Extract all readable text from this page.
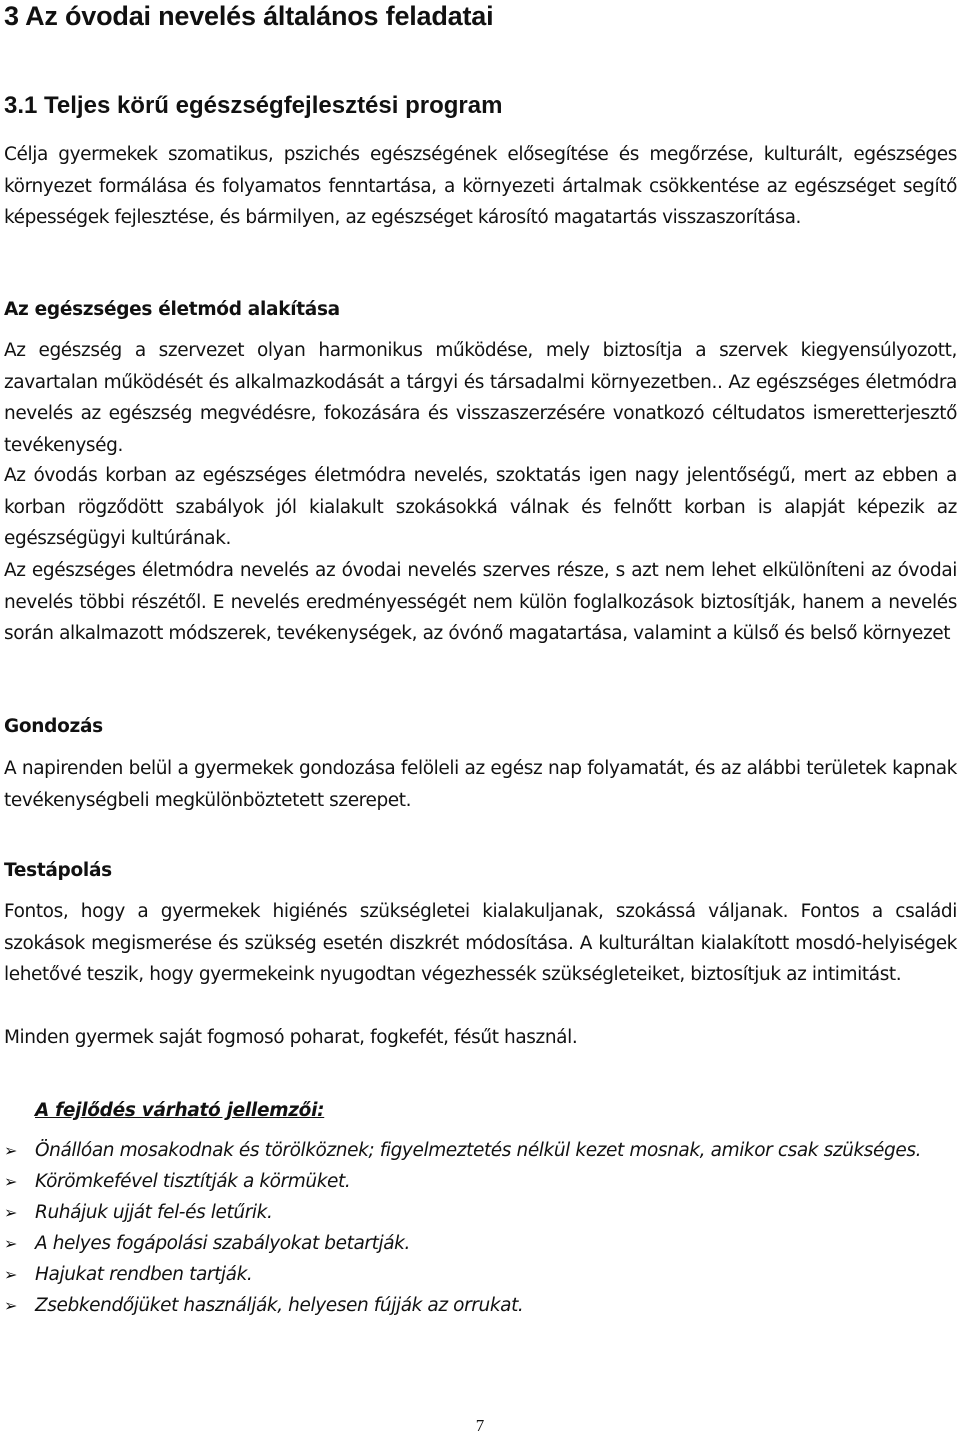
3 Az óvodai nevelés általános feladatai
3.1 Teljes körű egészségfejlesztési program

Célja gyermekek szomatikus, pszichés egészségének elősegítése és megőrzése, kulturált, egészséges környezet formálása és folyamatos fenntartása, a környezeti ártalmak csökkentése az egészséget segítő képességek fejlesztése, és bármilyen, az egészséget károsító magatartás visszaszorítása.

Az egészséges életmód alakítása

Az egészség a szervezet olyan harmonikus működése, mely biztosítja a szervek kiegyensúlyozott, zavartalan működését és alkalmazkodását a tárgyi és társadalmi környezetben.. Az egészséges életmódra nevelés az egészség megvédésre, fokozására és visszaszerzésére vonatkozó céltudatos ismeretterjesztő tevékenység.

Az óvodás korban az egészséges életmódra nevelés, szoktatás igen nagy jelentőségű, mert az ebben a korban rögződött szabályok jól kialakult szokásokká válnak és felnőtt korban is alapját képezik az egészségügyi kultúrának.

Az egészséges életmódra nevelés az óvodai nevelés szerves része, s azt nem lehet elkülöníteni az óvodai nevelés többi részétől. E nevelés eredményességét nem külön foglalkozások biztosítják, hanem a nevelés során alkalmazott módszerek, tevékenységek, az óvónő magatartása, valamint a külső és belső környezet

Gondozás

A napirenden belül a gyermekek gondozása felöleli az egész nap folyamatát, és az alábbi területek kapnak tevékenységbeli megkülönböztetett szerepet.

Testápolás

Fontos, hogy a gyermekek higiénés szükségletei kialakuljanak, szokássá váljanak. Fontos a családi szokások megismerése és szükség esetén diszkrét módosítása. A kulturáltan kialakított mosdó-helyiségek lehetővé teszik, hogy gyermekeink nyugodtan végezhessék szükségleteiket, biztosítjuk az intimitást.

Minden gyermek saját fogmosó poharat, fogkefét, fésűt használ.

A fejlődés várható jellemzői:
➢ Önállóan mosakodnak és törölköznek; figyelmeztetés nélkül kezet mosnak, amikor csak szükséges.
➢ Körömkefével tisztítják a körmüket.
➢ Ruhájuk ujját fel-és letűrik.
➢ A helyes fogápolási szabályokat betartják.
➢ Hajukat rendben tartják.
➢ Zsebkendőjüket használják, helyesen fújják az orrukat.

7
